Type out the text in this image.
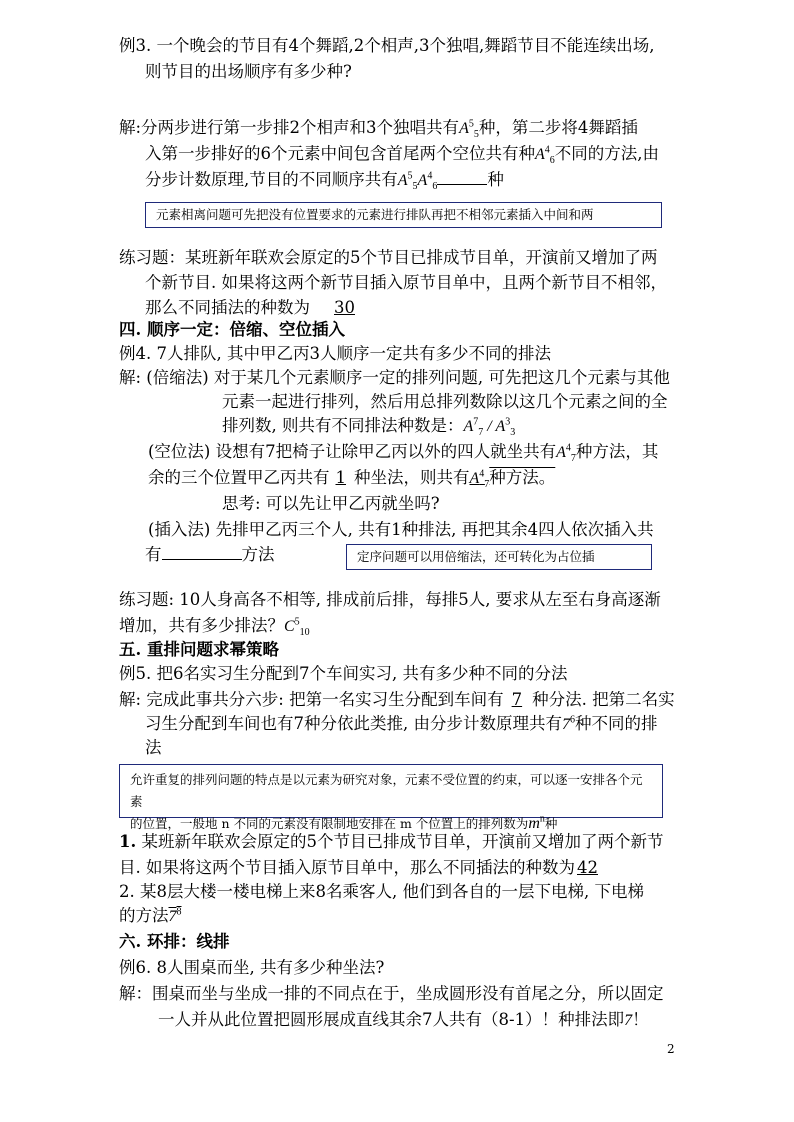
例3. 一个晚会的节目有4个舞蹈,2个相声,3个独唱,舞蹈节目不能连续出场,
则节目的出场顺序有多少种?
解:分两步进行第一步排2个相声和3个独唱共有$A^5_5$种，第二步将4舞蹈插
入第一步排好的6个元素中间包含首尾两个空位共有种$A^4_6$不同的方法,由
分步计数原理,节目的不同顺序共有$A^5_5A^4_6$	种
元素相离问题可先把没有位置要求的元素进行排队再把不相邻元素插入中间和两
练习题：某班新年联欢会原定的5个节目已排成节目单，开演前又增加了两
个新节目. 如果将这两个新节目插入原节目单中，且两个新节目不相邻，
那么不同插法的种数为 30
四. 顺序一定：倍缩、空位插入
例4. 7人排队, 其中甲乙丙3人顺序一定共有多少不同的排法
解: (倍缩法) 对于某几个元素顺序一定的排列问题, 可先把这几个元素与其他
元素一起进行排列，然后用总排列数除以这几个元素之间的全
排列数, 则共有不同排法种数是：$A^7_7 / A^3_3$
(空位法) 设想有7把椅子让除甲乙丙以外的四人就坐共有$A^4_7$种方法，其
余的三个位置甲乙丙共有 1 种坐法，则共有$A^4_7$种方法。
思考: 可以先让甲乙丙就坐吗?
(插入法) 先排甲乙丙三个人, 共有1种排法, 再把其余4四人依次插入共
有	方法	定序问题可以用倍缩法，还可转化为占位插
练习题: 10人身高各不相等, 排成前后排，每排5人, 要求从左至右身高逐渐
增加，共有多少排法？$C^5_{10}$
五. 重排问题求幂策略
例5. 把6名实习生分配到7个车间实习, 共有多少种不同的分法
解: 完成此事共分六步: 把第一名实习生分配到车间有 7 种分法. 把第二名实
习生分配到车间也有7种分依此类推, 由分步计数原理共有$7^6$种不同的排
法
允许重复的排列问题的特点是以元素为研究对象，元素不受位置的约束，可以逐一安排各个元素
的位置，一般地 n 不同的元素没有限制地安排在 m 个位置上的排列数为$m^n$种
1. 某班新年联欢会原定的5个节目已排成节目单，开演前又增加了两个新节
目. 如果将这两个节目插入原节目单中，那么不同插法的种数为 42
2. 某8层大楼一楼电梯上来8名乘客人, 他们到各自的一层下电梯, 下电梯
的方法$7^8$
六. 环排：线排
例6. 8人围桌而坐, 共有多少种坐法?
解：围桌而坐与坐成一排的不同点在于，坐成圆形没有首尾之分，所以固定
一人并从此位置把圆形展成直线其余7人共有（8-1）！种排法即7！
2
